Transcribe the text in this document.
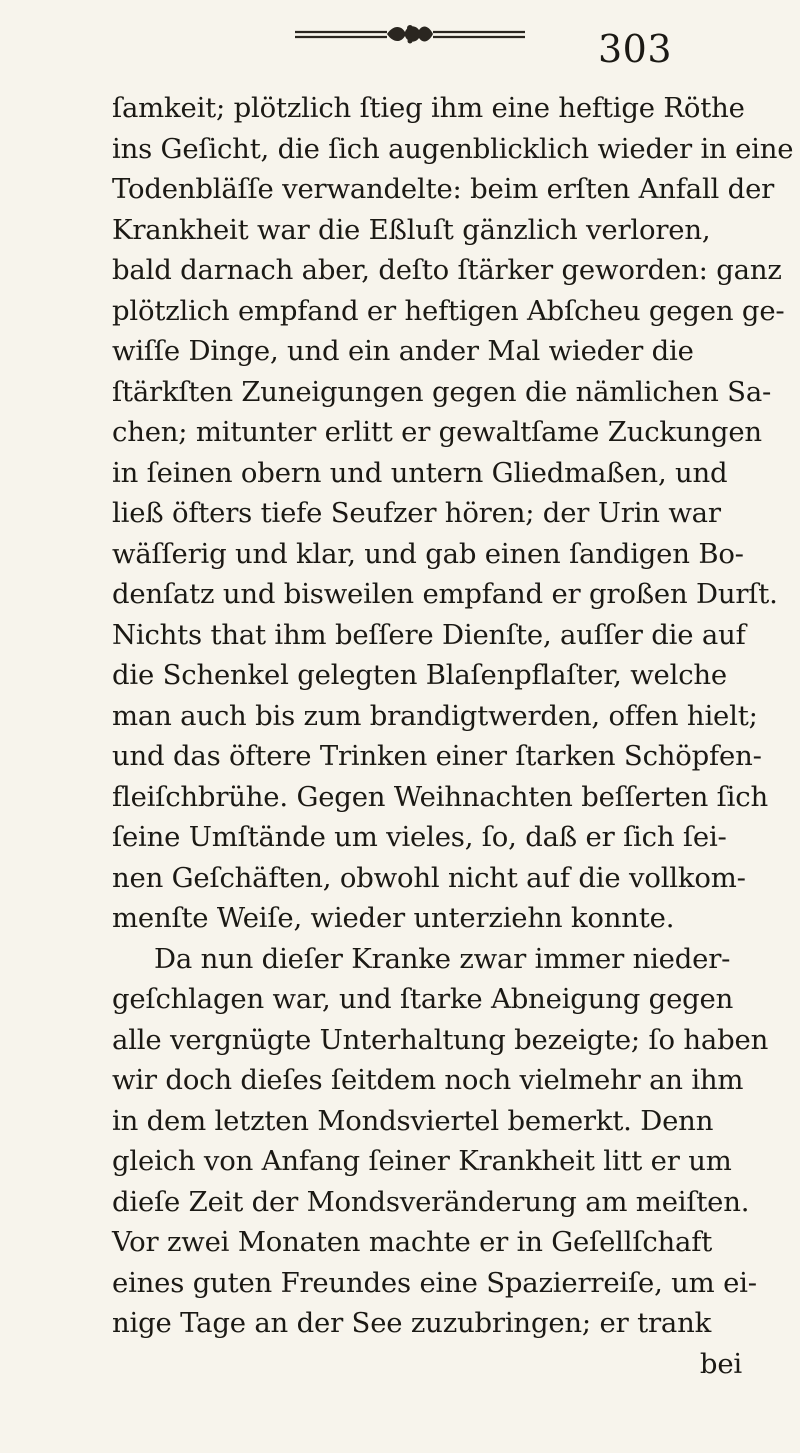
303
ſamkeit; plötzlich ſtieg ihm eine heftige Röthe
ins Geſicht, die ſich augenblicklich wieder in eine
Todenbläſſe verwandelte: beim erſten Anfall der
Krankheit war die Eßluſt gänzlich verloren,
bald darnach aber, deſto ſtärker geworden: ganz
plötzlich empfand er heftigen Abſcheu gegen ge-
wiſſe Dinge, und ein ander Mal wieder die
ſtärkſten Zuneigungen gegen die nämlichen Sa-
chen; mitunter erlitt er gewaltſame Zuckungen
in ſeinen obern und untern Gliedmaßen, und
ließ öfters tiefe Seufzer hören; der Urin war
wäſſerig und klar, und gab einen ſandigen Bo-
denſatz und bisweilen empfand er großen Durſt.
Nichts that ihm beſſere Dienſte, auſſer die auf
die Schenkel gelegten Blaſenpflaſter, welche
man auch bis zum brandigtwerden, offen hielt;
und das öftere Trinken einer ſtarken Schöpfen-
fleiſchbrühe. Gegen Weihnachten beſſerten ſich
ſeine Umſtände um vieles, ſo, daß er ſich ſei-
nen Geſchäften, obwohl nicht auf die vollkom-
menſte Weiſe, wieder unterziehn konnte.
Da nun dieſer Kranke zwar immer nieder-
geſchlagen war, und ſtarke Abneigung gegen
alle vergnügte Unterhaltung bezeigte; ſo haben
wir doch dieſes ſeitdem noch vielmehr an ihm
in dem letzten Mondsviertel bemerkt. Denn
gleich von Anfang ſeiner Krankheit litt er um
dieſe Zeit der Mondsveränderung am meiſten.
Vor zwei Monaten machte er in Geſellſchaft
eines guten Freundes eine Spazierreiſe, um ei-
nige Tage an der See zuzubringen; er trank
bei
